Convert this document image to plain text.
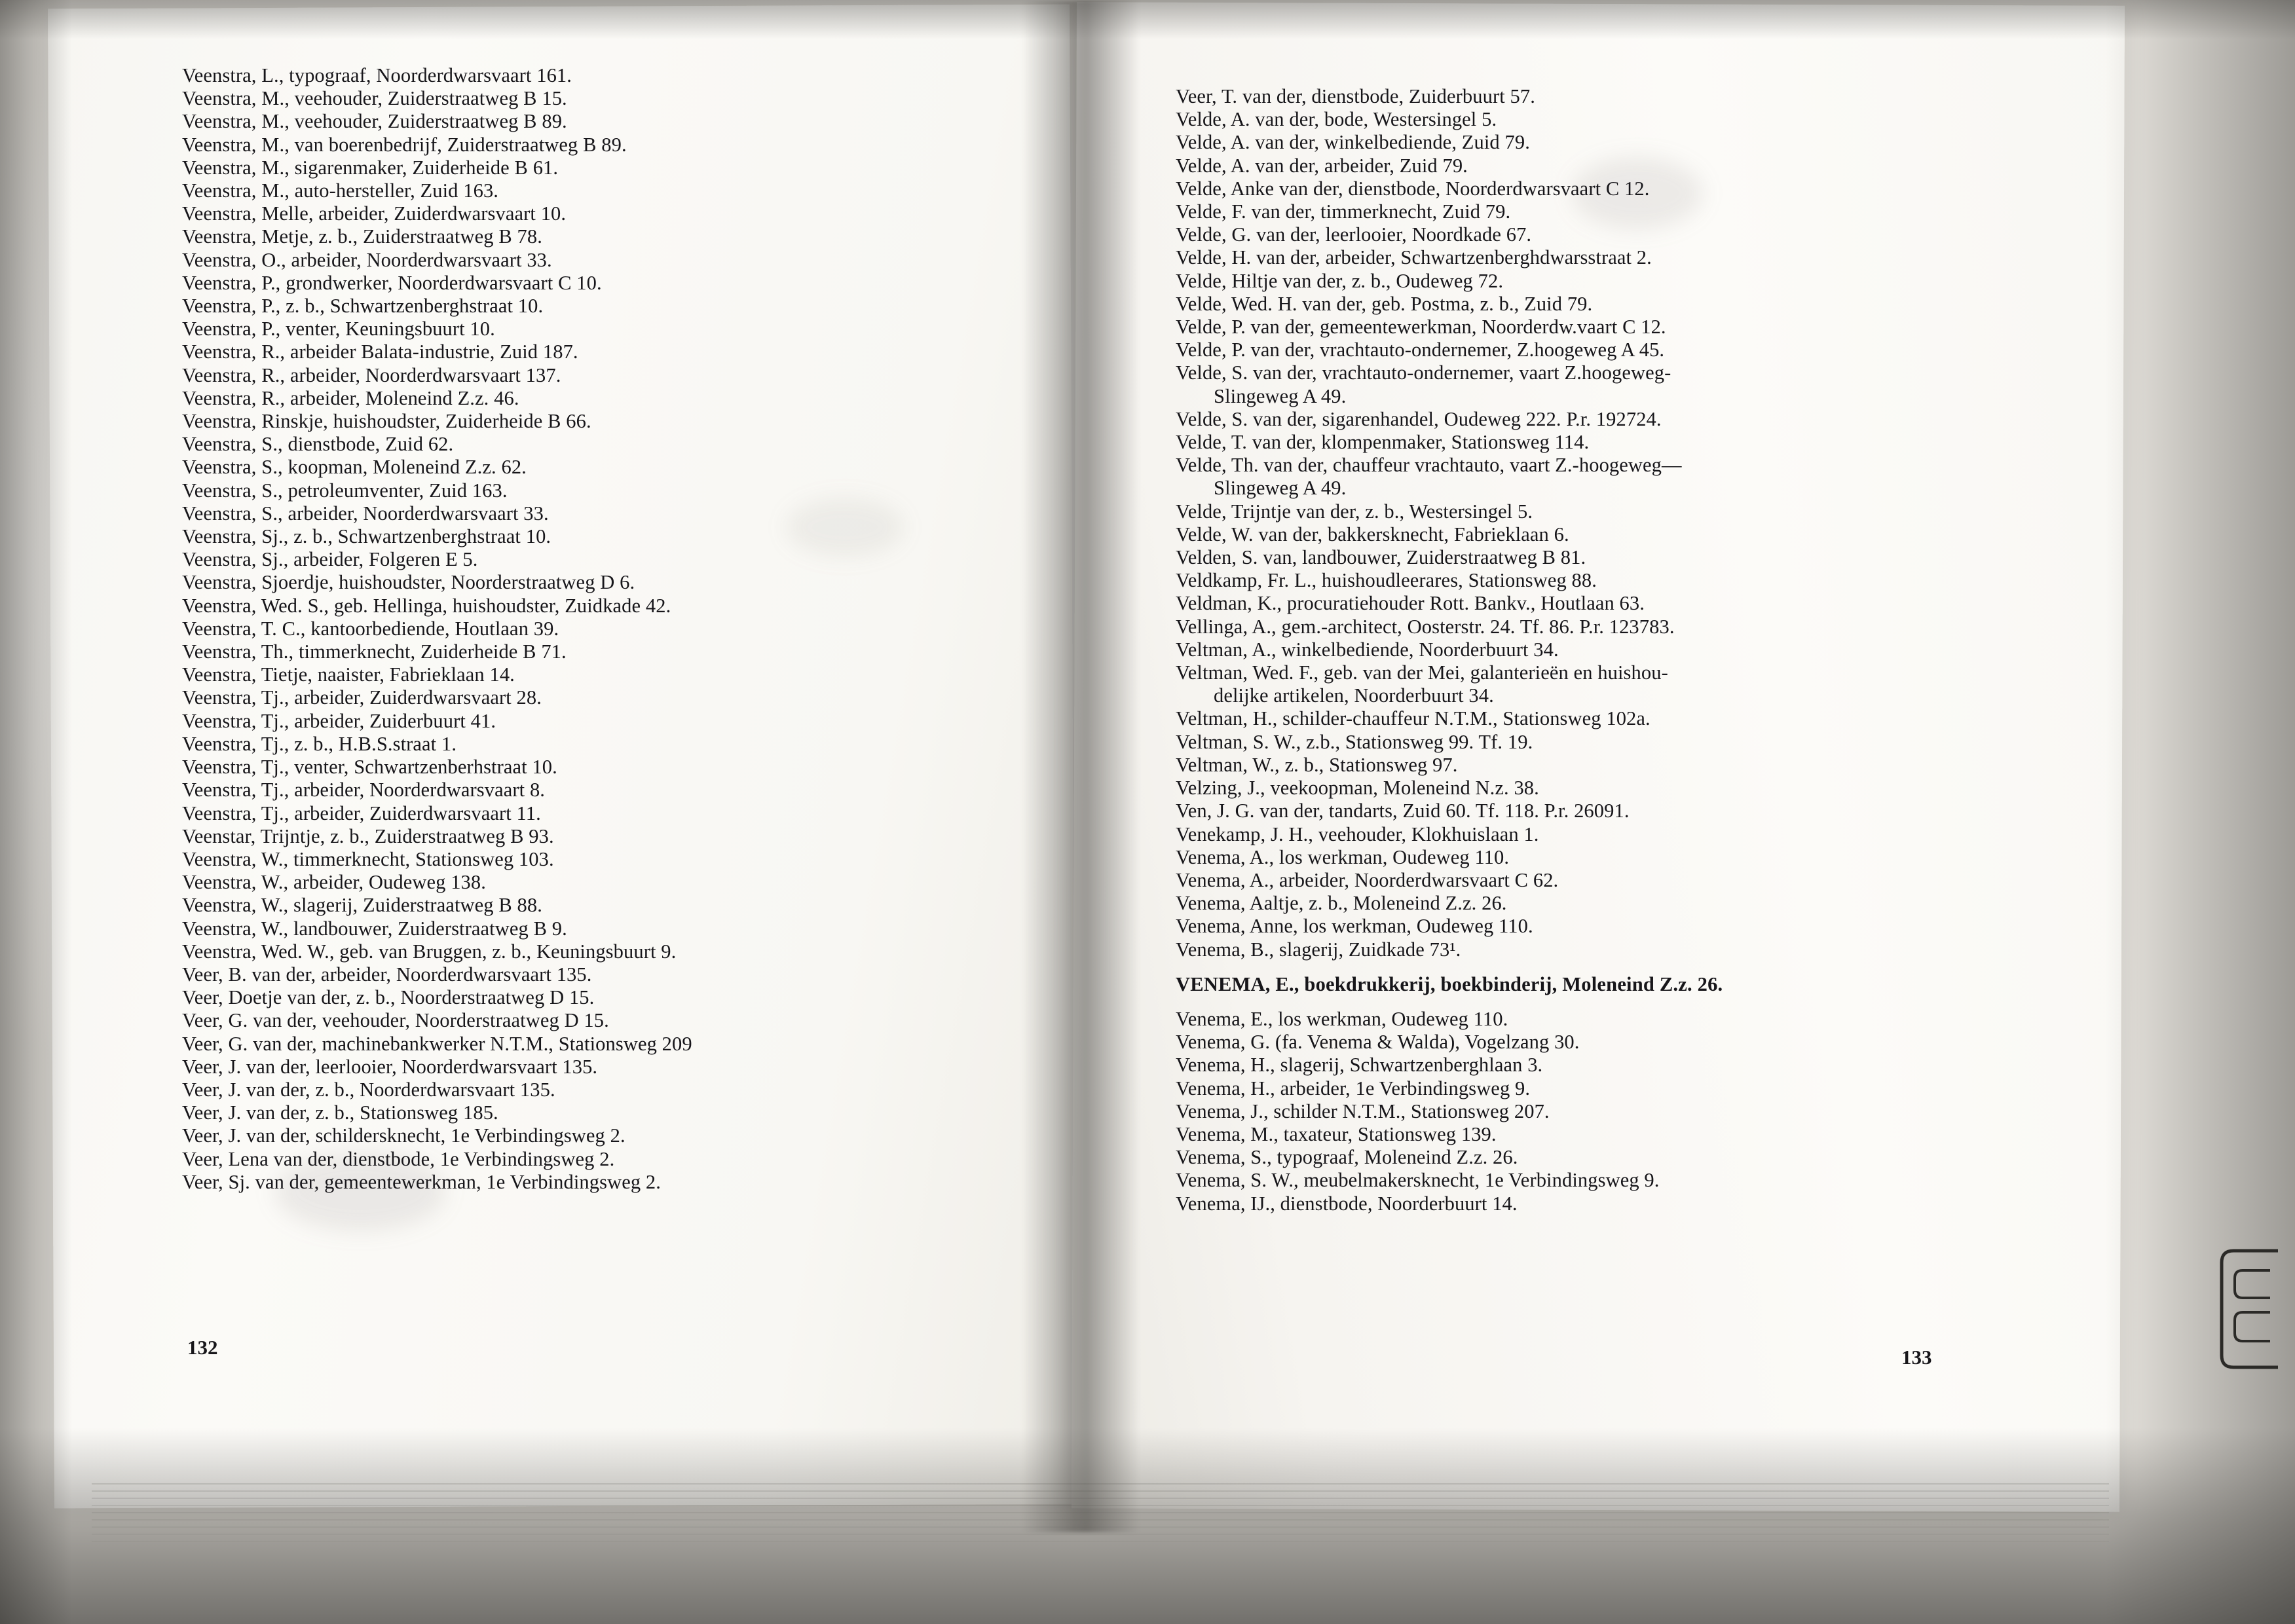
Veenstra, L., typograaf, Noorderdwarsvaart 161.
Veenstra, M., veehouder, Zuiderstraatweg B 15.
Veenstra, M., veehouder, Zuiderstraatweg B 89.
Veenstra, M., van boerenbedrijf, Zuiderstraatweg B 89.
Veenstra, M., sigarenmaker, Zuiderheide B 61.
Veenstra, M., auto-hersteller, Zuid 163.
Veenstra, Melle, arbeider, Zuiderdwarsvaart 10.
Veenstra, Metje, z. b., Zuiderstraatweg B 78.
Veenstra, O., arbeider, Noorderdwarsvaart 33.
Veenstra, P., grondwerker, Noorderdwarsvaart C 10.
Veenstra, P., z. b., Schwartzenberghstraat 10.
Veenstra, P., venter, Keuningsbuurt 10.
Veenstra, R., arbeider Balata-industrie, Zuid 187.
Veenstra, R., arbeider, Noorderdwarsvaart 137.
Veenstra, R., arbeider, Moleneind Z.z. 46.
Veenstra, Rinskje, huishoudster, Zuiderheide B 66.
Veenstra, S., dienstbode, Zuid 62.
Veenstra, S., koopman, Moleneind Z.z. 62.
Veenstra, S., petroleumventer, Zuid 163.
Veenstra, S., arbeider, Noorderdwarsvaart 33.
Veenstra, Sj., z. b., Schwartzenberghstraat 10.
Veenstra, Sj., arbeider, Folgeren E 5.
Veenstra, Sjoerdje, huishoudster, Noorderstraatweg D 6.
Veenstra, Wed. S., geb. Hellinga, huishoudster, Zuidkade 42.
Veenstra, T. C., kantoorbediende, Houtlaan 39.
Veenstra, Th., timmerknecht, Zuiderheide B 71.
Veenstra, Tietje, naaister, Fabrieklaan 14.
Veenstra, Tj., arbeider, Zuiderdwarsvaart 28.
Veenstra, Tj., arbeider, Zuiderbuurt 41.
Veenstra, Tj., z. b., H.B.S.straat 1.
Veenstra, Tj., venter, Schwartzenberhstraat 10.
Veenstra, Tj., arbeider, Noorderdwarsvaart 8.
Veenstra, Tj., arbeider, Zuiderdwarsvaart 11.
Veenstar, Trijntje, z. b., Zuiderstraatweg B 93.
Veenstra, W., timmerknecht, Stationsweg 103.
Veenstra, W., arbeider, Oudeweg 138.
Veenstra, W., slagerij, Zuiderstraatweg B 88.
Veenstra, W., landbouwer, Zuiderstraatweg B 9.
Veenstra, Wed. W., geb. van Bruggen, z. b., Keuningsbuurt 9.
Veer, B. van der, arbeider, Noorderdwarsvaart 135.
Veer, Doetje van der, z. b., Noorderstraatweg D 15.
Veer, G. van der, veehouder, Noorderstraatweg D 15.
Veer, G. van der, machinebankwerker N.T.M., Stationsweg 209
Veer, J. van der, leerlooier, Noorderdwarsvaart 135.
Veer, J. van der, z. b., Noorderdwarsvaart 135.
Veer, J. van der, z. b., Stationsweg 185.
Veer, J. van der, schildersknecht, 1e Verbindingsweg 2.
Veer, Lena van der, dienstbode, 1e Verbindingsweg 2.
Veer, Sj. van der, gemeentewerkman, 1e Verbindingsweg 2.
Veer, T. van der, dienstbode, Zuiderbuurt 57.
Velde, A. van der, bode, Westersingel 5.
Velde, A. van der, winkelbediende, Zuid 79.
Velde, A. van der, arbeider, Zuid 79.
Velde, Anke van der, dienstbode, Noorderdwarsvaart C 12.
Velde, F. van der, timmerknecht, Zuid 79.
Velde, G. van der, leerlooier, Noordkade 67.
Velde, H. van der, arbeider, Schwartzenberghdwarsstraat 2.
Velde, Hiltje van der, z. b., Oudeweg 72.
Velde, Wed. H. van der, geb. Postma, z. b., Zuid 79.
Velde, P. van der, gemeentewerkman, Noorderdw.vaart C 12.
Velde, P. van der, vrachtauto-ondernemer, Z.hoogeweg A 45.
Velde, S. van der, vrachtauto-ondernemer, vaart Z.hoogeweg-
Slingeweg A 49.
Velde, S. van der, sigarenhandel, Oudeweg 222. P.r. 192724.
Velde, T. van der, klompenmaker, Stationsweg 114.
Velde, Th. van der, chauffeur vrachtauto, vaart Z.-hoogeweg—
Slingeweg A 49.
Velde, Trijntje van der, z. b., Westersingel 5.
Velde, W. van der, bakkersknecht, Fabrieklaan 6.
Velden, S. van, landbouwer, Zuiderstraatweg B 81.
Veldkamp, Fr. L., huishoudleerares, Stationsweg 88.
Veldman, K., procuratiehouder Rott. Bankv., Houtlaan 63.
Vellinga, A., gem.-architect, Oosterstr. 24. Tf. 86. P.r. 123783.
Veltman, A., winkelbediende, Noorderbuurt 34.
Veltman, Wed. F., geb. van der Mei, galanterieën en huishou-
delijke artikelen, Noorderbuurt 34.
Veltman, H., schilder-chauffeur N.T.M., Stationsweg 102a.
Veltman, S. W., z.b., Stationsweg 99. Tf. 19.
Veltman, W., z. b., Stationsweg 97.
Velzing, J., veekoopman, Moleneind N.z. 38.
Ven, J. G. van der, tandarts, Zuid 60. Tf. 118. P.r. 26091.
Venekamp, J. H., veehouder, Klokhuislaan 1.
Venema, A., los werkman, Oudeweg 110.
Venema, A., arbeider, Noorderdwarsvaart C 62.
Venema, Aaltje, z. b., Moleneind Z.z. 26.
Venema, Anne, los werkman, Oudeweg 110.
Venema, B., slagerij, Zuidkade 73¹.
VENEMA, E., boekdrukkerij, boekbinderij, Moleneind Z.z. 26.
Venema, E., los werkman, Oudeweg 110.
Venema, G. (fa. Venema & Walda), Vogelzang 30.
Venema, H., slagerij, Schwartzenberghlaan 3.
Venema, H., arbeider, 1e Verbindingsweg 9.
Venema, J., schilder N.T.M., Stationsweg 207.
Venema, M., taxateur, Stationsweg 139.
Venema, S., typograaf, Moleneind Z.z. 26.
Venema, S. W., meubelmakersknecht, 1e Verbindingsweg 9.
Venema, IJ., dienstbode, Noorderbuurt 14.
132	133
